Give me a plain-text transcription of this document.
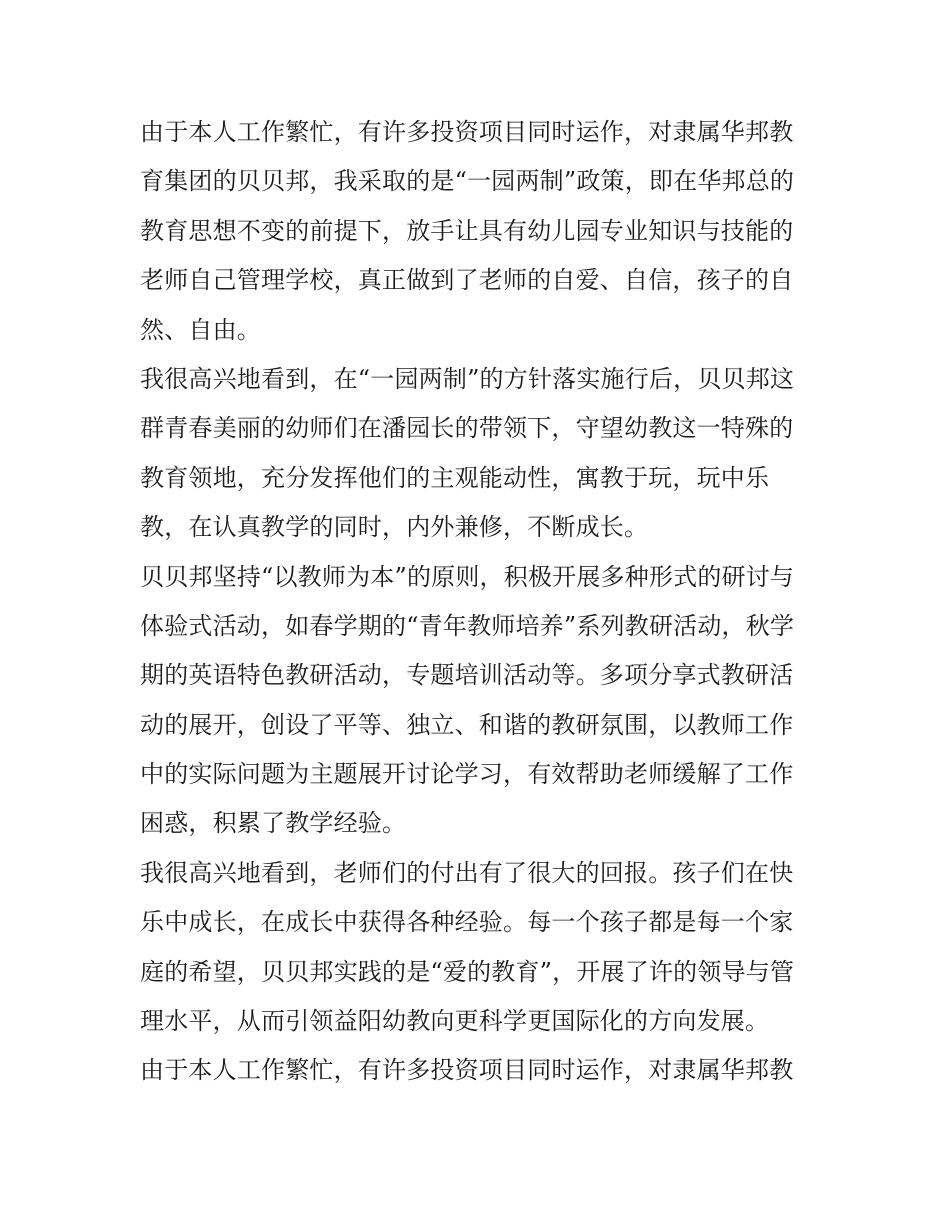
由于本人工作繁忙，有许多投资项目同时运作，对隶属华邦教
育集团的贝贝邦，我采取的是“一园两制”政策，即在华邦总的
教育思想不变的前提下，放手让具有幼儿园专业知识与技能的
老师自己管理学校，真正做到了老师的自爱、自信，孩子的自
然、自由。
我很高兴地看到，在“一园两制”的方针落实施行后，贝贝邦这
群青春美丽的幼师们在潘园长的带领下，守望幼教这一特殊的
教育领地，充分发挥他们的主观能动性，寓教于玩，玩中乐
教，在认真教学的同时，内外兼修，不断成长。
贝贝邦坚持“以教师为本”的原则，积极开展多种形式的研讨与
体验式活动，如春学期的“青年教师培养”系列教研活动，秋学
期的英语特色教研活动，专题培训活动等。多项分享式教研活
动的展开，创设了平等、独立、和谐的教研氛围，以教师工作
中的实际问题为主题展开讨论学习，有效帮助老师缓解了工作
困惑，积累了教学经验。
我很高兴地看到，老师们的付出有了很大的回报。孩子们在快
乐中成长，在成长中获得各种经验。每一个孩子都是每一个家
庭的希望，贝贝邦实践的是“爱的教育”，开展了许的领导与管
理水平，从而引领益阳幼教向更科学更国际化的方向发展。
由于本人工作繁忙，有许多投资项目同时运作，对隶属华邦教
